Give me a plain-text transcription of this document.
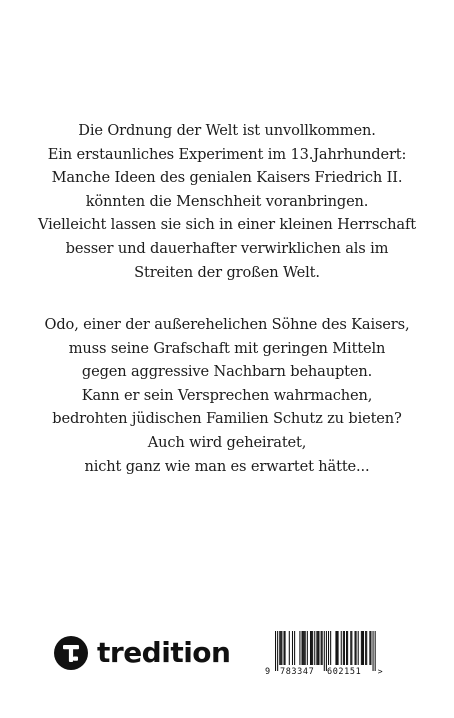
Die Ordnung der Welt ist unvollkommen.

Ein erstaunliches Experiment im 13.Jahrhundert:

Manche Ideen des genialen Kaisers Friedrich II.

könnten die Menschheit voranbringen.

Vielleicht lassen sie sich in einer kleinen Herrschaft

besser und dauerhafter verwirklichen als im

Streiten der großen Welt.

Odo, einer der außerehelichen Söhne des Kaisers,

muss seine Grafschaft mit geringen Mitteln

gegen aggressive Nachbarn behaupten.

Kann er sein Versprechen wahrmachen,

bedrohten jüdischen Familien Schutz zu bieten?

Auch wird geheiratet,

nicht ganz wie man es erwartet hätte...

tredition
>
9 783347 602151
